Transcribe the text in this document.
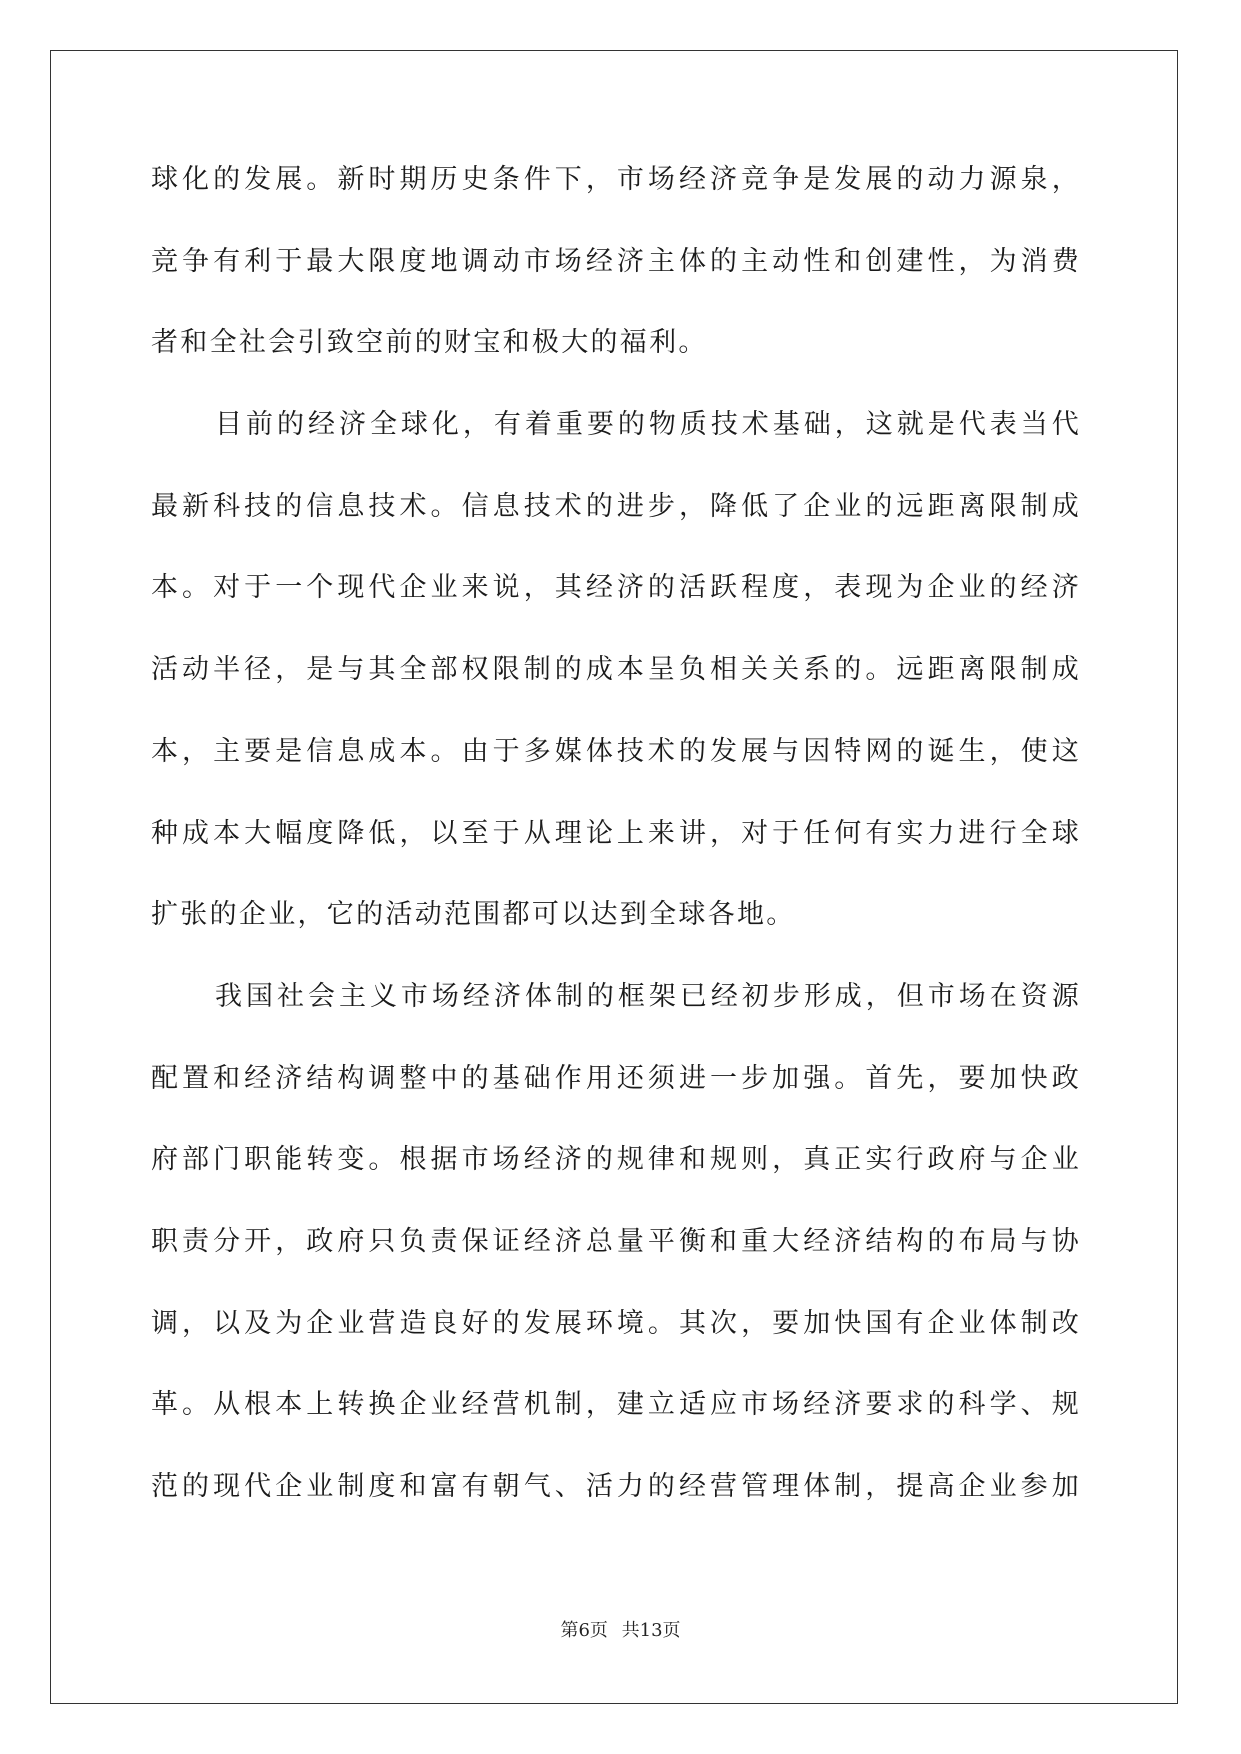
球化的发展。新时期历史条件下，市场经济竞争是发展的动力源泉，
竞争有利于最大限度地调动市场经济主体的主动性和创建性，为消费
者和全社会引致空前的财宝和极大的福利。
目前的经济全球化，有着重要的物质技术基础，这就是代表当代
最新科技的信息技术。信息技术的进步，降低了企业的远距离限制成
本。对于一个现代企业来说，其经济的活跃程度，表现为企业的经济
活动半径，是与其全部权限制的成本呈负相关关系的。远距离限制成
本，主要是信息成本。由于多媒体技术的发展与因特网的诞生，使这
种成本大幅度降低，以至于从理论上来讲，对于任何有实力进行全球
扩张的企业，它的活动范围都可以达到全球各地。
我国社会主义市场经济体制的框架已经初步形成，但市场在资源
配置和经济结构调整中的基础作用还须进一步加强。首先，要加快政
府部门职能转变。根据市场经济的规律和规则，真正实行政府与企业
职责分开，政府只负责保证经济总量平衡和重大经济结构的布局与协
调，以及为企业营造良好的发展环境。其次，要加快国有企业体制改
革。从根本上转换企业经营机制，建立适应市场经济要求的科学、规
范的现代企业制度和富有朝气、活力的经营管理体制，提高企业参加
第6页 共13页
